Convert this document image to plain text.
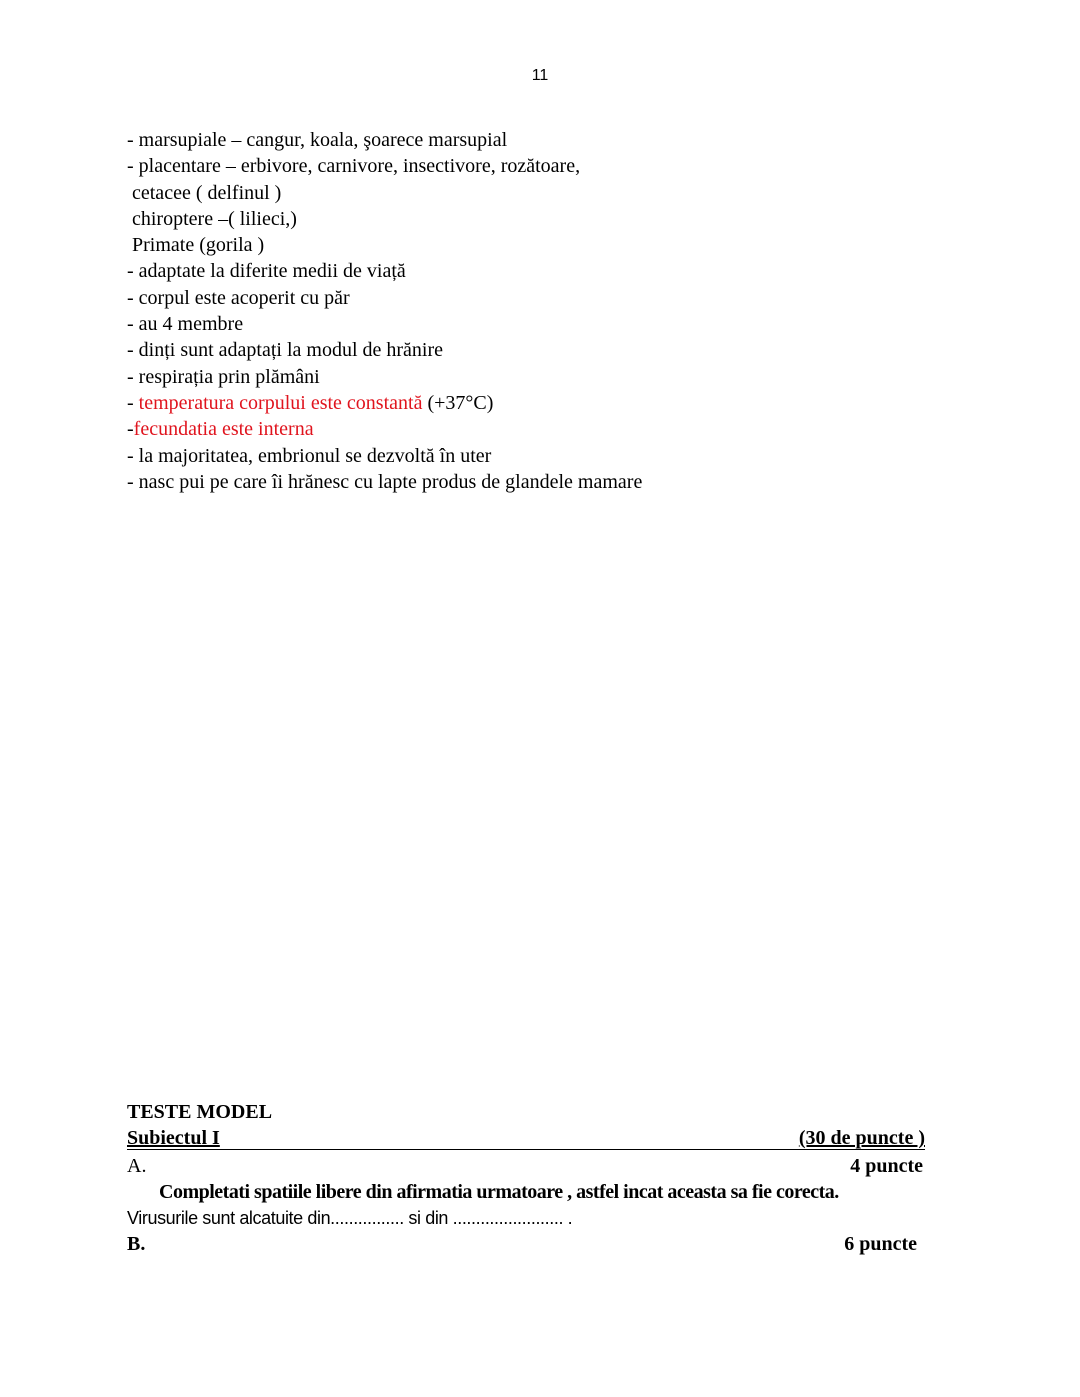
11
- marsupiale – cangur, koala, şoarece marsupial
- placentare – erbivore, carnivore, insectivore, rozătoare,
cetacee ( delfinul )
chiroptere –( lilieci,)
Primate (gorila )
- adaptate la diferite medii de viață
- corpul este acoperit cu păr
- au 4 membre
- dinți sunt adaptați la modul de hrănire
- respirația prin plămâni
- temperatura corpului este constantă (+37°C)
-fecundatia este interna
- la majoritatea, embrionul se dezvoltă în uter
- nasc pui pe care îi hrănesc cu lapte produs de glandele mamare
TESTE MODEL
Subiectul I	(30 de puncte )
A.	4 puncte
Completati spatiile libere din afirmatia urmatoare , astfel incat aceasta sa fie corecta.
Virusurile sunt alcatuite din................ si din ........................ .
B.	6 puncte
